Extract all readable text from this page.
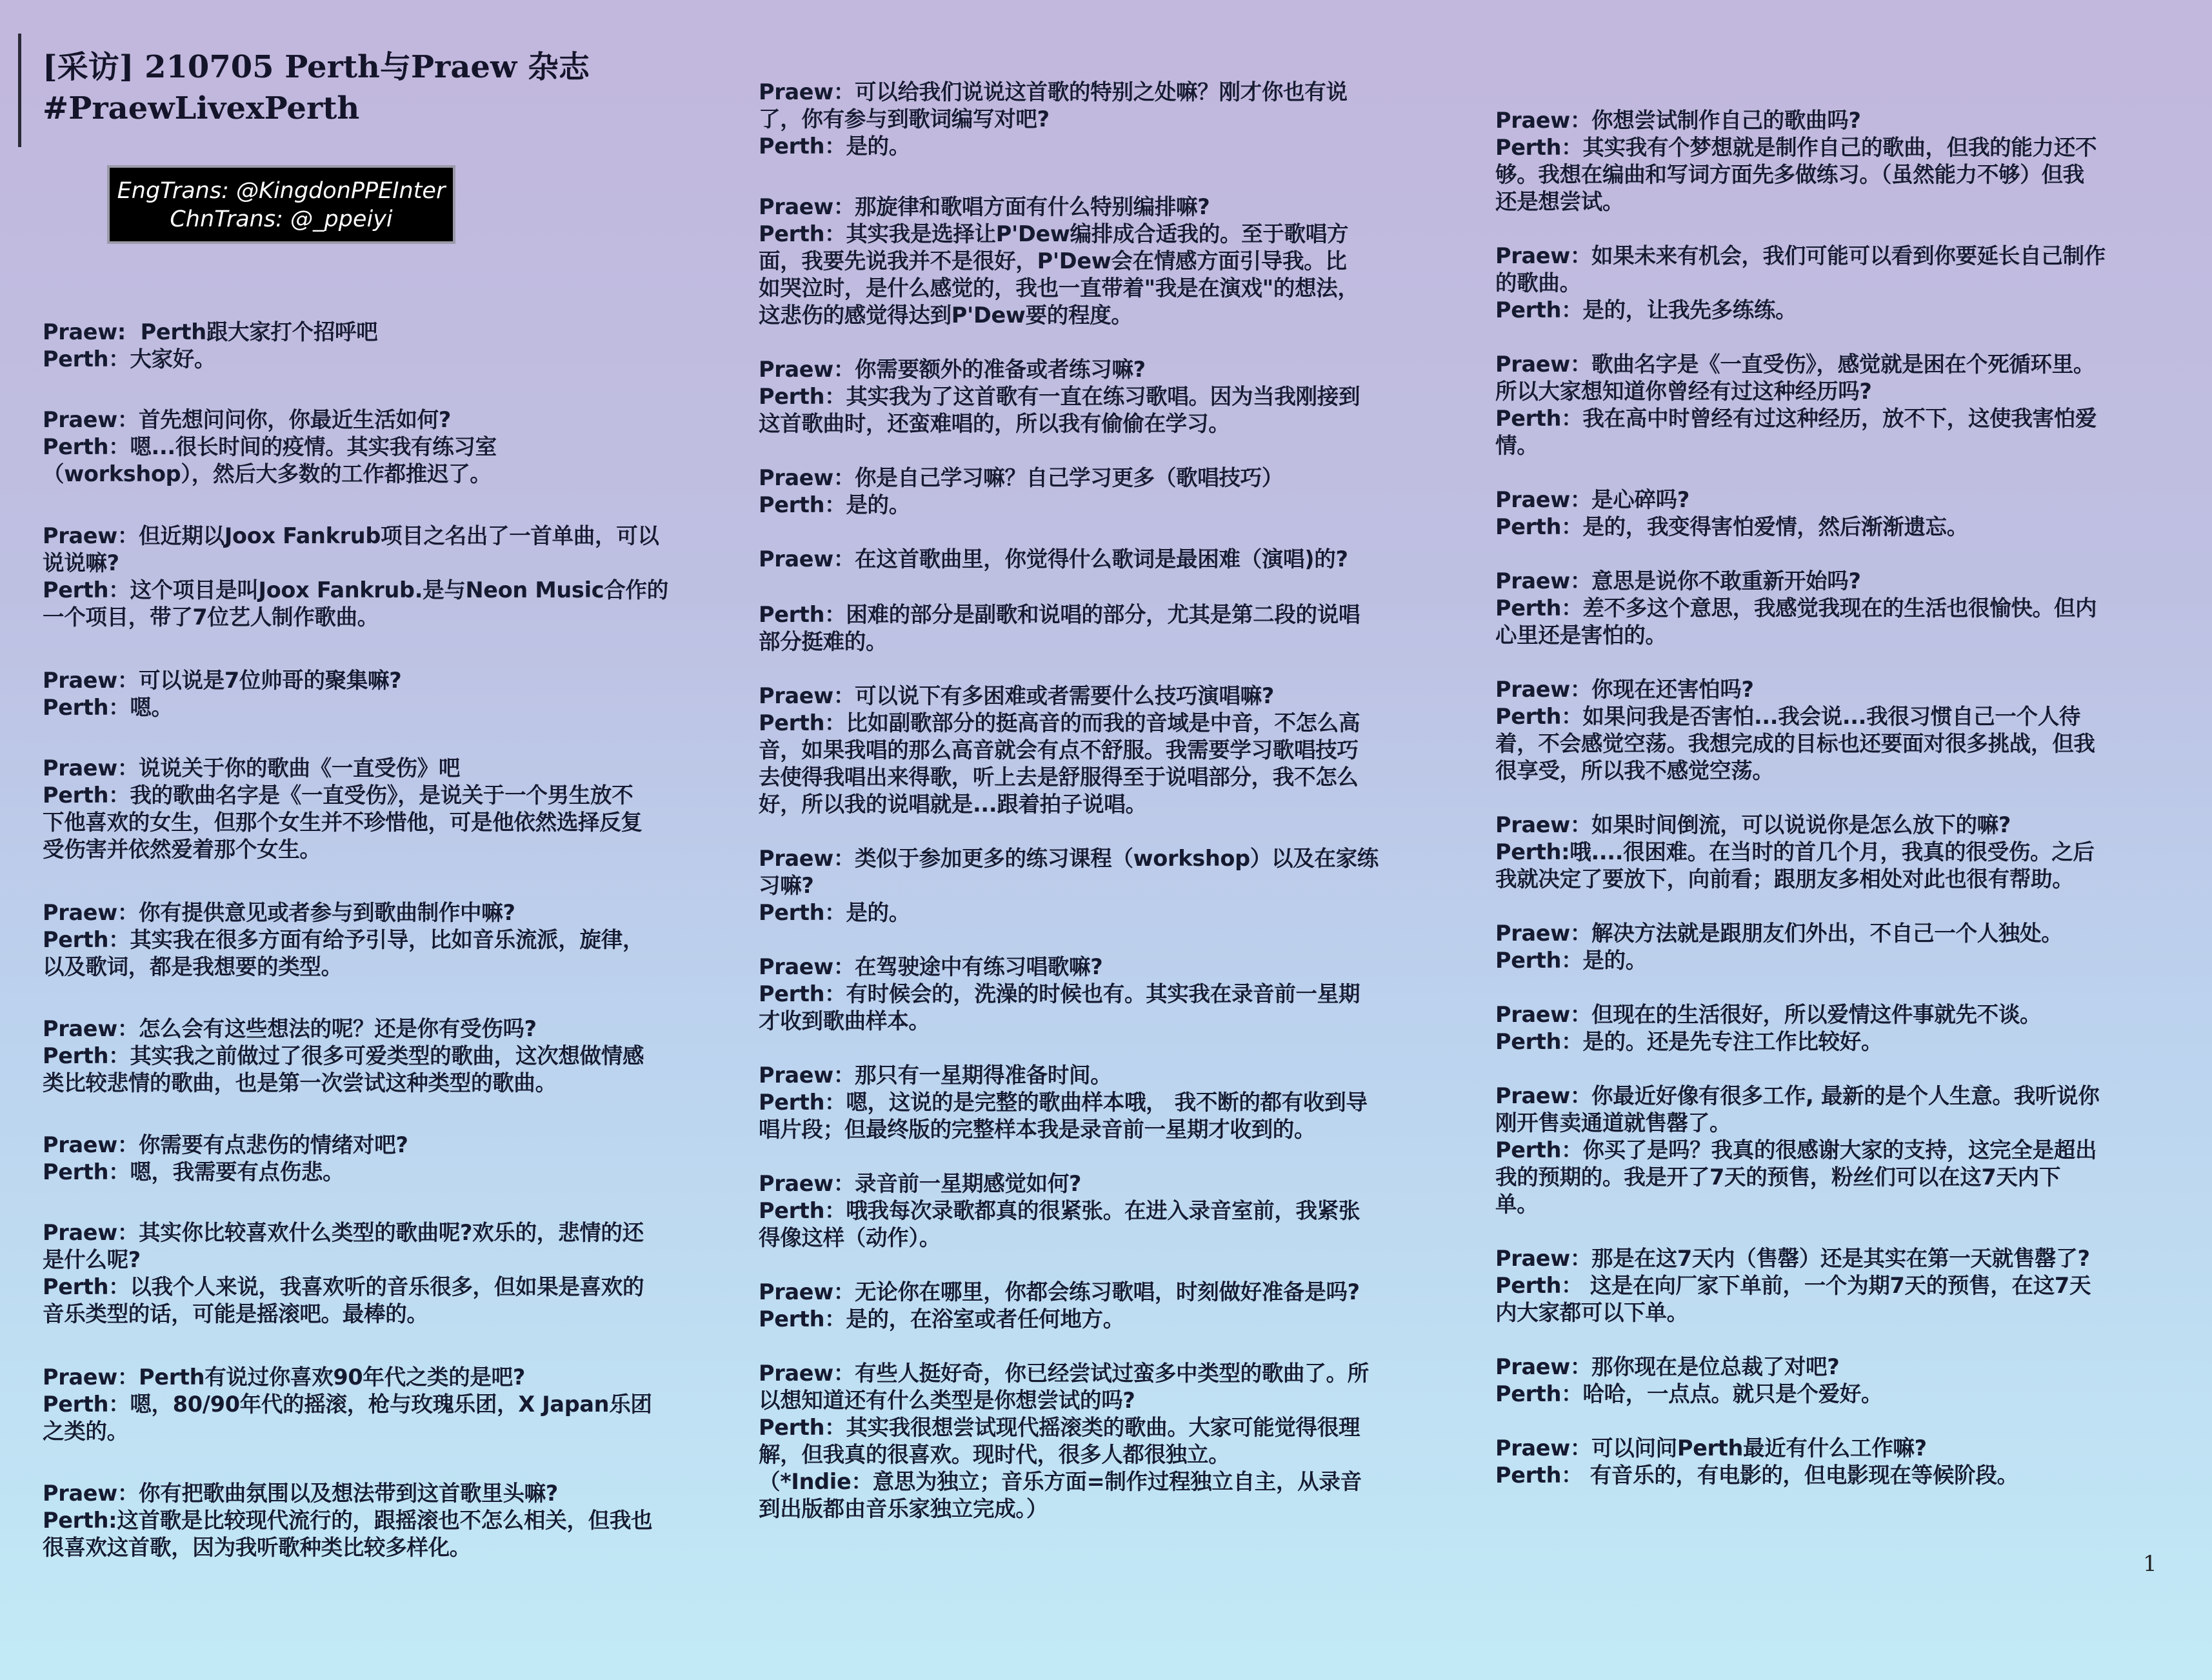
[采访] 210705 Perth与Praew 杂志
#PraewLivexPerth
EngTrans: @KingdonPPEInter
ChnTrans: @_ppeiyi
Praew:  Perth跟大家打个招呼吧
Perth：大家好。
Praew：首先想问问你，你最近生活如何?
Perth：嗯...很长时间的疫情。其实我有练习室
（workshop），然后大多数的工作都推迟了。
Praew：但近期以Joox Fankrub项目之名出了一首单曲，可以
说说嘛?
Perth：这个项目是叫Joox Fankrub.是与Neon Music合作的
一个项目，带了7位艺人制作歌曲。
Praew：可以说是7位帅哥的聚集嘛?
Perth：嗯。
Praew：说说关于你的歌曲《一直受伤》吧
Perth：我的歌曲名字是《一直受伤》，是说关于一个男生放不
下他喜欢的女生，但那个女生并不珍惜他，可是他依然选择反复
受伤害并依然爱着那个女生。
Praew：你有提供意见或者参与到歌曲制作中嘛?
Perth：其实我在很多方面有给予引导，比如音乐流派，旋律，
以及歌词，都是我想要的类型。
Praew：怎么会有这些想法的呢？还是你有受伤吗?
Perth：其实我之前做过了很多可爱类型的歌曲，这次想做情感
类比较悲情的歌曲，也是第一次尝试这种类型的歌曲。
Praew：你需要有点悲伤的情绪对吧?
Perth：嗯，我需要有点伤悲。
Praew：其实你比较喜欢什么类型的歌曲呢?欢乐的，悲情的还
是什么呢?
Perth：以我个人来说，我喜欢听的音乐很多，但如果是喜欢的
音乐类型的话，可能是摇滚吧。最棒的。
Praew：Perth有说过你喜欢90年代之类的是吧?
Perth：嗯，80/90年代的摇滚，枪与玫瑰乐团，X Japan乐团
之类的。
Praew：你有把歌曲氛围以及想法带到这首歌里头嘛?
Perth:这首歌是比较现代流行的，跟摇滚也不怎么相关，但我也
很喜欢这首歌，因为我听歌种类比较多样化。
Praew：可以给我们说说这首歌的特别之处嘛？刚才你也有说
了，你有参与到歌词编写对吧?
Perth：是的。
Praew：那旋律和歌唱方面有什么特别编排嘛?
Perth：其实我是选择让P'Dew编排成合适我的。至于歌唱方
面，我要先说我并不是很好，P'Dew会在情感方面引导我。比
如哭泣时，是什么感觉的，我也一直带着"我是在演戏"的想法，
这悲伤的感觉得达到P'Dew要的程度。
Praew：你需要额外的准备或者练习嘛?
Perth：其实我为了这首歌有一直在练习歌唱。因为当我刚接到
这首歌曲时，还蛮难唱的，所以我有偷偷在学习。
Praew：你是自己学习嘛？自己学习更多（歌唱技巧）
Perth：是的。
Praew：在这首歌曲里，你觉得什么歌词是最困难（演唱)的?
Perth：困难的部分是副歌和说唱的部分，尤其是第二段的说唱
部分挺难的。
Praew：可以说下有多困难或者需要什么技巧演唱嘛?
Perth：比如副歌部分的挺高音的而我的音域是中音，不怎么高
音，如果我唱的那么高音就会有点不舒服。我需要学习歌唱技巧
去使得我唱出来得歌，听上去是舒服得至于说唱部分，我不怎么
好，所以我的说唱就是...跟着拍子说唱。
Praew：类似于参加更多的练习课程（workshop）以及在家练
习嘛?
Perth：是的。
Praew：在驾驶途中有练习唱歌嘛?
Perth：有时候会的，洗澡的时候也有。其实我在录音前一星期
才收到歌曲样本。
Praew：那只有一星期得准备时间。
Perth：嗯，这说的是完整的歌曲样本哦， 我不断的都有收到导
唱片段；但最终版的完整样本我是录音前一星期才收到的。
Praew：录音前一星期感觉如何?
Perth：哦我每次录歌都真的很紧张。在进入录音室前，我紧张
得像这样（动作）。
Praew：无论你在哪里，你都会练习歌唱，时刻做好准备是吗?
Perth：是的，在浴室或者任何地方。
Praew：有些人挺好奇，你已经尝试过蛮多中类型的歌曲了。所
以想知道还有什么类型是你想尝试的吗?
Perth：其实我很想尝试现代摇滚类的歌曲。大家可能觉得很理
解，但我真的很喜欢。现时代，很多人都很独立。
（*Indie：意思为独立；音乐方面=制作过程独立自主，从录音
到出版都由音乐家独立完成。）
Praew：你想尝试制作自己的歌曲吗?
Perth：其实我有个梦想就是制作自己的歌曲，但我的能力还不
够。我想在编曲和写词方面先多做练习。（虽然能力不够）但我
还是想尝试。
Praew：如果未来有机会，我们可能可以看到你要延长自己制作
的歌曲。
Perth：是的，让我先多练练。
Praew：歌曲名字是《一直受伤》，感觉就是困在个死循环里。
所以大家想知道你曾经有过这种经历吗?
Perth：我在高中时曾经有过这种经历，放不下，这使我害怕爱
情。
Praew：是心碎吗?
Perth：是的，我变得害怕爱情，然后渐渐遗忘。
Praew：意思是说你不敢重新开始吗?
Perth：差不多这个意思，我感觉我现在的生活也很愉快。但内
心里还是害怕的。
Praew：你现在还害怕吗?
Perth：如果问我是否害怕...我会说...我很习惯自己一个人待
着，不会感觉空荡。我想完成的目标也还要面对很多挑战，但我
很享受，所以我不感觉空荡。
Praew：如果时间倒流，可以说说你是怎么放下的嘛?
Perth:哦....很困难。在当时的首几个月，我真的很受伤。之后
我就决定了要放下，向前看；跟朋友多相处对此也很有帮助。
Praew：解决方法就是跟朋友们外出，不自己一个人独处。
Perth：是的。
Praew：但现在的生活很好，所以爱情这件事就先不谈。
Perth：是的。还是先专注工作比较好。
Praew：你最近好像有很多工作, 最新的是个人生意。我听说你
刚开售卖通道就售罄了。
Perth：你买了是吗？我真的很感谢大家的支持，这完全是超出
我的预期的。我是开了7天的预售，粉丝们可以在这7天内下
单。
Praew：那是在这7天内（售罄）还是其实在第一天就售罄了?
Perth： 这是在向厂家下单前，一个为期7天的预售，在这7天
内大家都可以下单。
Praew：那你现在是位总裁了对吧?
Perth：哈哈，一点点。就只是个爱好。
Praew：可以问问Perth最近有什么工作嘛?
Perth： 有音乐的，有电影的，但电影现在等候阶段。
1
